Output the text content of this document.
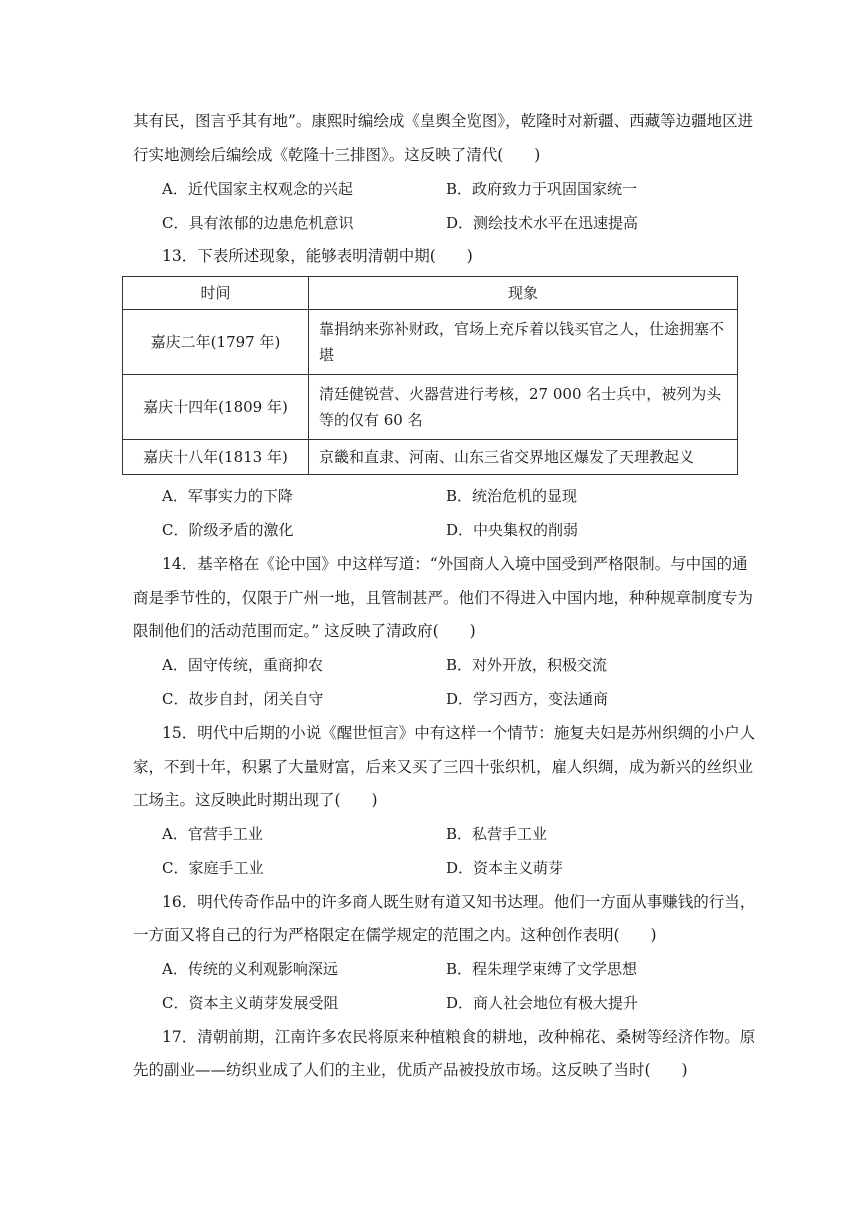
其有民，图言乎其有地”。康熙时编绘成《皇舆全览图》，乾隆时对新疆、西藏等边疆地区进
行实地测绘后编绘成《乾隆十三排图》。这反映了清代(　　)
A．近代国家主权观念的兴起	B．政府致力于巩固国家统一
C．具有浓郁的边患危机意识	D．测绘技术水平在迅速提高
13．下表所述现象，能够表明清朝中期(　　)
时间	现象
嘉庆二年(1797 年)	靠捐纳来弥补财政，官场上充斥着以钱买官之人，仕途拥塞不堪
嘉庆十四年(1809 年)	清廷健锐营、火器营进行考核，27 000 名士兵中，被列为头等的仅有 60 名
嘉庆十八年(1813 年)	京畿和直隶、河南、山东三省交界地区爆发了天理教起义
A．军事实力的下降	B．统治危机的显现
C．阶级矛盾的激化	D．中央集权的削弱
14．基辛格在《论中国》中这样写道：“外国商人入境中国受到严格限制。与中国的通
商是季节性的，仅限于广州一地，且管制甚严。他们不得进入中国内地，种种规章制度专为
限制他们的活动范围而定。” 这反映了清政府(　　)
A．固守传统，重商抑农	B．对外开放，积极交流
C．故步自封，闭关自守	D．学习西方，变法通商
15．明代中后期的小说《醒世恒言》中有这样一个情节：施复夫妇是苏州织绸的小户人
家，不到十年，积累了大量财富，后来又买了三四十张织机，雇人织绸，成为新兴的丝织业
工场主。这反映此时期出现了(　　)
A．官营手工业	B．私营手工业
C．家庭手工业	D．资本主义萌芽
16．明代传奇作品中的许多商人既生财有道又知书达理。他们一方面从事赚钱的行当，
一方面又将自己的行为严格限定在儒学规定的范围之内。这种创作表明(　　)
A．传统的义利观影响深远	B．程朱理学束缚了文学思想
C．资本主义萌芽发展受阻	D．商人社会地位有极大提升
17．清朝前期，江南许多农民将原来种植粮食的耕地，改种棉花、桑树等经济作物。原
先的副业——纺织业成了人们的主业，优质产品被投放市场。这反映了当时(　　)
